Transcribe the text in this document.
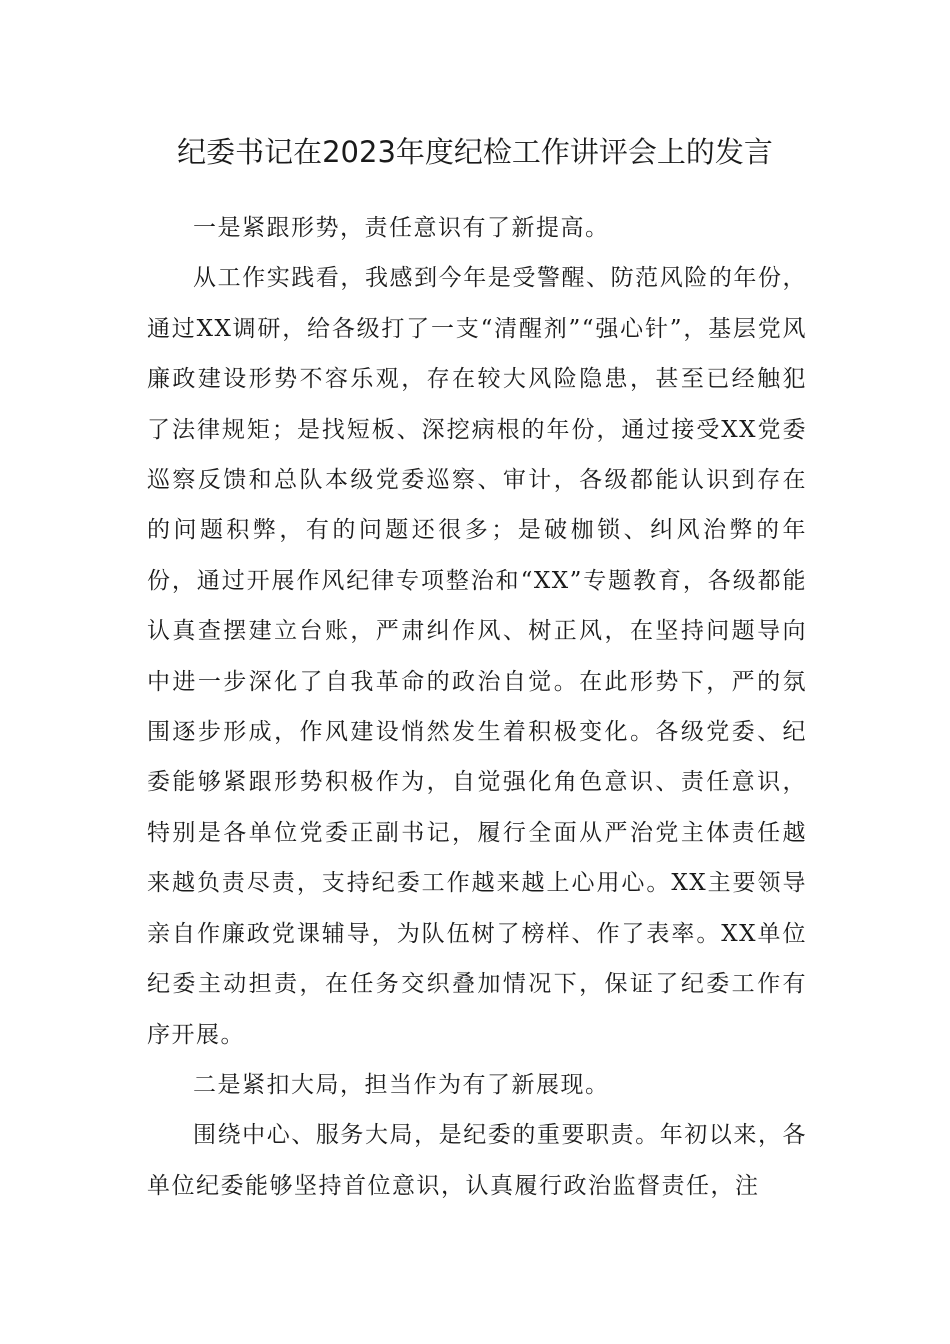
纪委书记在2023年度纪检工作讲评会上的发言

一是紧跟形势，责任意识有了新提高。

从工作实践看，我感到今年是受警醒、防范风险的年份，通过XX调研，给各级打了一支“清醒剂”“强心针”，基层党风廉政建设形势不容乐观，存在较大风险隐患，甚至已经触犯了法律规矩；是找短板、深挖病根的年份，通过接受XX党委巡察反馈和总队本级党委巡察、审计，各级都能认识到存在的问题积弊，有的问题还很多；是破枷锁、纠风治弊的年份，通过开展作风纪律专项整治和“XX”专题教育，各级都能认真查摆建立台账，严肃纠作风、树正风，在坚持问题导向中进一步深化了自我革命的政治自觉。在此形势下，严的氛围逐步形成，作风建设悄然发生着积极变化。各级党委、纪委能够紧跟形势积极作为，自觉强化角色意识、责任意识，特别是各单位党委正副书记，履行全面从严治党主体责任越来越负责尽责，支持纪委工作越来越上心用心。XX主要领导亲自作廉政党课辅导，为队伍树了榜样、作了表率。XX单位纪委主动担责，在任务交织叠加情况下，保证了纪委工作有序开展。

二是紧扣大局，担当作为有了新展现。

围绕中心、服务大局，是纪委的重要职责。年初以来，各单位纪委能够坚持首位意识，认真履行政治监督责任，注
